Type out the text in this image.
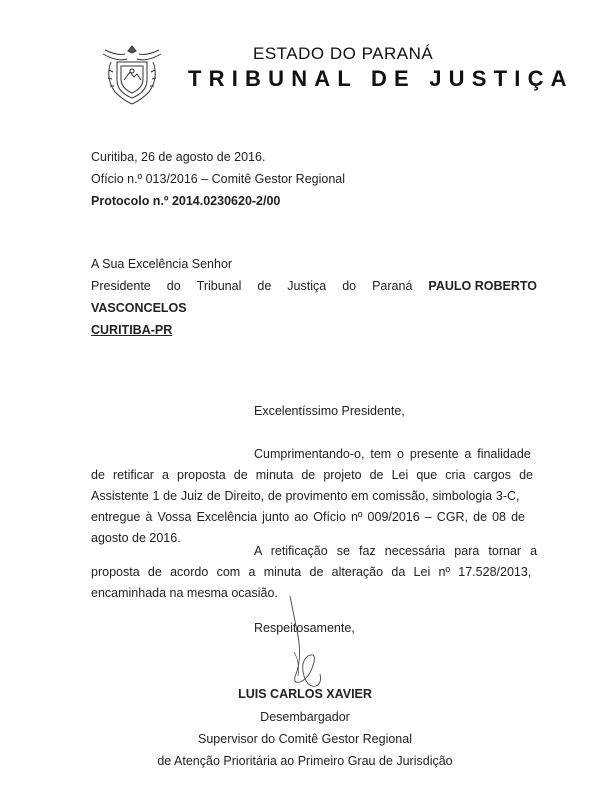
ESTADO DO PARANÁ
TRIBUNAL DE JUSTIÇA
Curitiba, 26 de agosto de 2016.
Ofício n.º 013/2016 – Comitê Gestor Regional
Protocolo n.º 2014.0230620-2/00
A Sua Excelência Senhor
Presidente do Tribunal de Justiça do Paraná PAULO ROBERTO
VASCONCELOS
CURITIBA-PR
Excelentíssimo Presidente,
Cumprimentando-o, tem o presente a finalidade
de retificar a proposta de minuta de projeto de Lei que cria cargos de
Assistente 1 de Juiz de Direito, de provimento em comissão, simbologia 3-C,
entregue à Vossa Excelência junto ao Ofício nº 009/2016 – CGR, de 08 de
agosto de 2016.
A retificação se faz necessária para tornar a
proposta de acordo com a minuta de alteração da Lei nº 17.528/2013,
encaminhada na mesma ocasião.
Respeitosamente,
LUIS CARLOS XAVIER
Desembargador
Supervisor do Comitê Gestor Regional
de Atenção Prioritária ao Primeiro Grau de Jurisdição
